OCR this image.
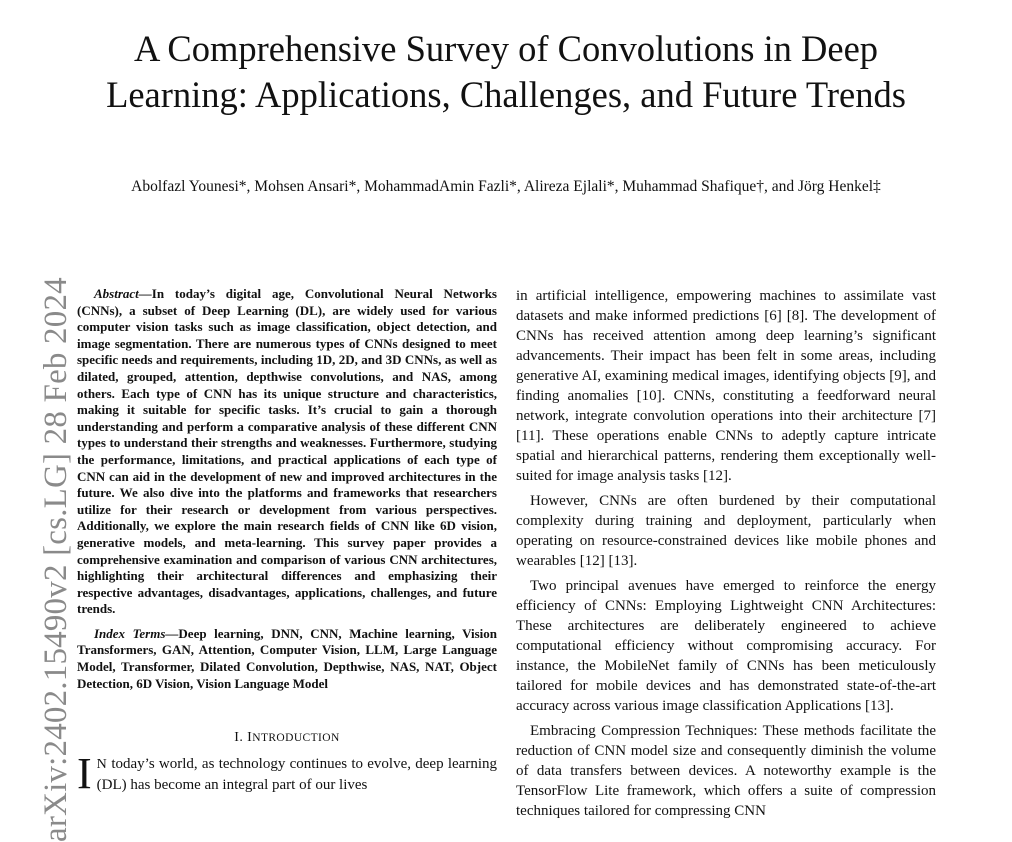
A Comprehensive Survey of Convolutions in Deep Learning: Applications, Challenges, and Future Trends
Abolfazl Younesi*, Mohsen Ansari*, MohammadAmin Fazli*, Alireza Ejlali*, Muhammad Shafique†, and Jörg Henkel‡
arXiv:2402.15490v2 [cs.LG] 28 Feb 2024	Abstract—In today’s digital age, Convolutional Neural Networks (CNNs), a subset of Deep Learning (DL), are widely used for various computer vision tasks such as image classification, object detection, and image segmentation. There are numerous types of CNNs designed to meet specific needs and requirements, including 1D, 2D, and 3D CNNs, as well as dilated, grouped, attention, depthwise convolutions, and NAS, among others. Each type of CNN has its unique structure and characteristics, making it suitable for specific tasks. It’s crucial to gain a thorough understanding and perform a comparative analysis of these different CNN types to understand their strengths and weaknesses. Furthermore, studying the performance, limitations, and practical applications of each type of CNN can aid in the development of new and improved architectures in the future. We also dive into the platforms and frameworks that researchers utilize for their research or development from various perspectives. Additionally, we explore the main research fields of CNN like 6D vision, generative models, and meta-learning. This survey paper provides a comprehensive examination and comparison of various CNN architectures, highlighting their architectural differences and emphasizing their respective advantages, disadvantages, applications, challenges, and future trends.

Index Terms—Deep learning, DNN, CNN, Machine learning, Vision Transformers, GAN, Attention, Computer Vision, LLM, Large Language Model, Transformer, Dilated Convolution, Depthwise, NAS, NAT, Object Detection, 6D Vision, Vision Language Model

I. INTRODUCTION
I N today’s world, as technology continues to evolve, deep learning (DL) has become an integral part of our lives

in artificial intelligence, empowering machines to assimilate vast datasets and make informed predictions [6] [8]. The development of CNNs has received attention among deep learning’s significant advancements. Their impact has been felt in some areas, including generative AI, examining medical images, identifying objects [9], and finding anomalies [10]. CNNs, constituting a feedforward neural network, integrate convolution operations into their architecture [7] [11]. These operations enable CNNs to adeptly capture intricate spatial and hierarchical patterns, rendering them exceptionally well-suited for image analysis tasks [12].

However, CNNs are often burdened by their computational complexity during training and deployment, particularly when operating on resource-constrained devices like mobile phones and wearables [12] [13].

Two principal avenues have emerged to reinforce the energy efficiency of CNNs: Employing Lightweight CNN Architectures: These architectures are deliberately engineered to achieve computational efficiency without compromising accuracy. For instance, the MobileNet family of CNNs has been meticulously tailored for mobile devices and has demonstrated state-of-the-art accuracy across various image classification Applications [13].

Embracing Compression Techniques: These methods facilitate the reduction of CNN model size and consequently diminish the volume of data transfers between devices. A noteworthy example is the TensorFlow Lite framework, which offers a suite of compression techniques tailored for compressing CNN
